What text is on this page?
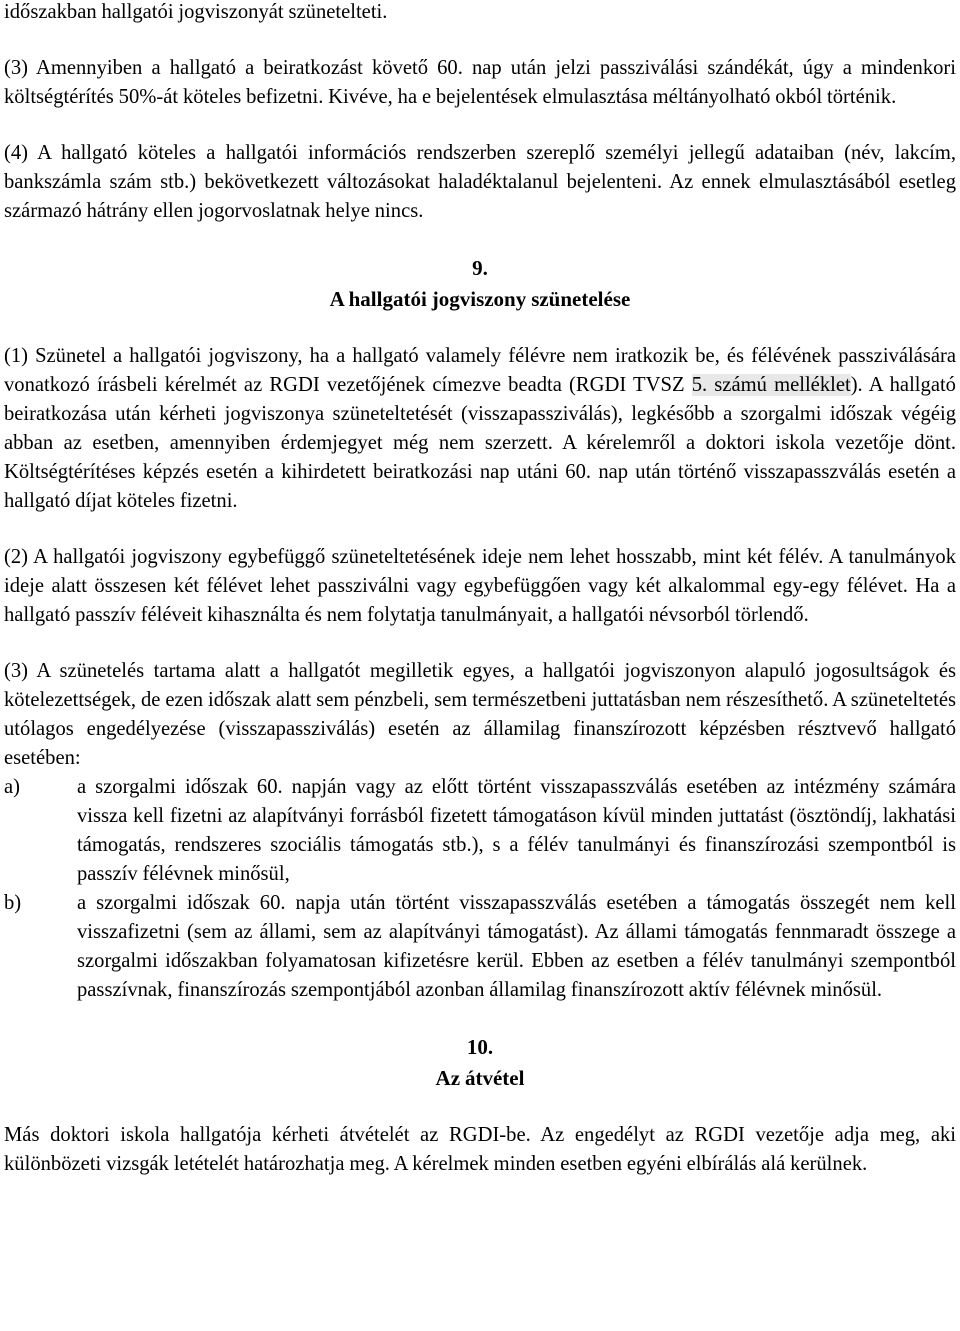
időszakban hallgatói jogviszonyát szünetelteti.

(3) Amennyiben a hallgató a beiratkozást követő 60. nap után jelzi passziválási szándékát, úgy a mindenkori költségtérítés 50%-át köteles befizetni. Kivéve, ha e bejelentések elmulasztása méltányolható okból történik.

(4) A hallgató köteles a hallgatói információs rendszerben szereplő személyi jellegű adataiban (név, lakcím, bankszámla szám stb.) bekövetkezett változásokat haladéktalanul bejelenteni. Az ennek elmulasztásából esetleg származó hátrány ellen jogorvoslatnak helye nincs.

9.

A hallgatói jogviszony szünetelése

(1) Szünetel a hallgatói jogviszony, ha a hallgató valamely félévre nem iratkozik be, és félévének passziválására vonatkozó írásbeli kérelmét az RGDI vezetőjének címezve beadta (RGDI TVSZ 5. számú melléklet). A hallgató beiratkozása után kérheti jogviszonya szüneteltetését (visszapassziválás), legkésőbb a szorgalmi időszak végéig abban az esetben, amennyiben érdemjegyet még nem szerzett. A kérelemről a doktori iskola vezetője dönt. Költségtérítéses képzés esetén a kihirdetett beiratkozási nap utáni 60. nap után történő visszapasszválás esetén a hallgató díjat köteles fizetni.

(2) A hallgatói jogviszony egybefüggő szüneteltetésének ideje nem lehet hosszabb, mint két félév. A tanulmányok ideje alatt összesen két félévet lehet passziválni vagy egybefüggően vagy két alkalommal egy-egy félévet. Ha a hallgató passzív féléveit kihasználta és nem folytatja tanulmányait, a hallgatói névsorból törlendő.

(3) A szünetelés tartama alatt a hallgatót megilletik egyes, a hallgatói jogviszonyon alapuló jogosultságok és kötelezettségek, de ezen időszak alatt sem pénzbeli, sem természetbeni juttatásban nem részesíthető. A szüneteltetés utólagos engedélyezése (visszapassziválás) esetén az államilag finanszírozott képzésben résztvevő hallgató esetében:

a)	a szorgalmi időszak 60. napján vagy az előtt történt visszapasszválás esetében az intézmény számára vissza kell fizetni az alapítványi forrásból fizetett támogatáson kívül minden juttatást (ösztöndíj, lakhatási támogatás, rendszeres szociális támogatás stb.), s a félév tanulmányi és finanszírozási szempontból is passzív félévnek minősül,
b)	a szorgalmi időszak 60. napja után történt visszapasszválás esetében a támogatás összegét nem kell visszafizetni (sem az állami, sem az alapítványi támogatást). Az állami támogatás fennmaradt összege a szorgalmi időszakban folyamatosan kifizetésre kerül. Ebben az esetben a félév tanulmányi szempontból passzívnak, finanszírozás szempontjából azonban államilag finanszírozott aktív félévnek minősül.

10.

Az átvétel

Más doktori iskola hallgatója kérheti átvételét az RGDI-be. Az engedélyt az RGDI vezetője adja meg, aki különbözeti vizsgák letételét határozhatja meg. A kérelmek minden esetben egyéni elbírálás alá kerülnek.
